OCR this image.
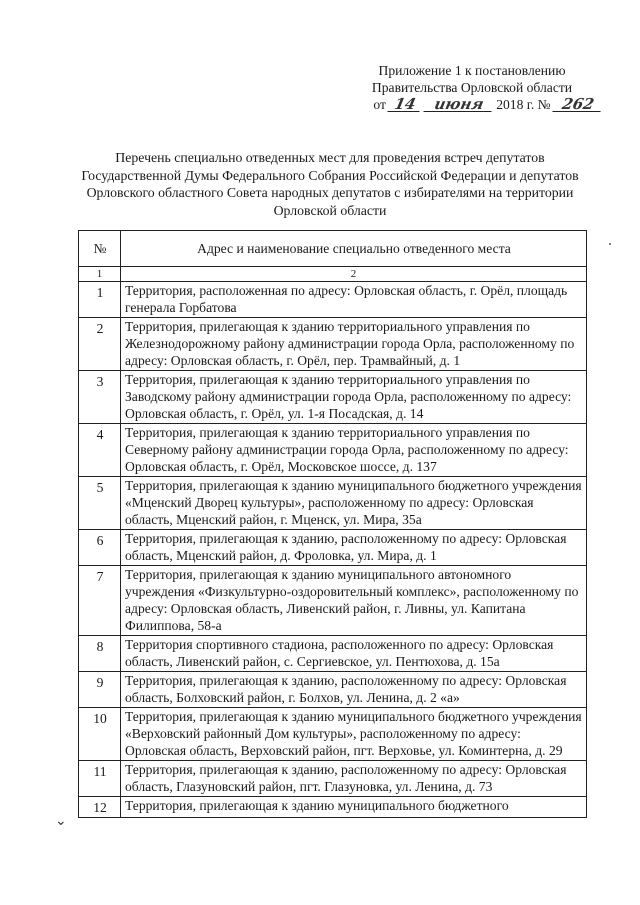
Приложение 1 к постановлению
Правительства Орловской области
от 14 июня 2018 г. № 262
Перечень специально отведенных мест для проведения встреч депутатов Государственной Думы Федерального Собрания Российской Федерации и депутатов Орловского областного Совета народных депутатов с избирателями на территории Орловской области
№	Адрес и наименование специально отведенного места
1	2
1	Территория, расположенная по адресу: Орловская область, г. Орёл, площадь генерала Горбатова
2	Территория, прилегающая к зданию территориального управления по Железнодорожному району администрации города Орла, расположенному по адресу: Орловская область, г. Орёл, пер. Трамвайный, д. 1
3	Территория, прилегающая к зданию территориального управления по Заводскому району администрации города Орла, расположенному по адресу: Орловская область, г. Орёл, ул. 1-я Посадская, д. 14
4	Территория, прилегающая к зданию территориального управления по Северному району администрации города Орла, расположенному по адресу: Орловская область, г. Орёл, Московское шоссе, д. 137
5	Территория, прилегающая к зданию муниципального бюджетного учреждения «Мценский Дворец культуры», расположенному по адресу: Орловская область, Мценский район, г. Мценск, ул. Мира, 35а
6	Территория, прилегающая к зданию, расположенному по адресу: Орловская область, Мценский район, д. Фроловка, ул. Мира, д. 1
7	Территория, прилегающая к зданию муниципального автономного учреждения «Физкультурно-оздоровительный комплекс», расположенному по адресу: Орловская область, Ливенский район, г. Ливны, ул. Капитана Филиппова, 58-а
8	Территория спортивного стадиона, расположенного по адресу: Орловская область, Ливенский район, с. Сергиевское, ул. Пентюхова, д. 15а
9	Территория, прилегающая к зданию, расположенному по адресу: Орловская область, Болховский район, г. Болхов, ул. Ленина, д. 2 «а»
10	Территория, прилегающая к зданию муниципального бюджетного учреждения «Верховский районный Дом культуры», расположенному по адресу: Орловская область, Верховский район, пгт. Верховье, ул. Коминтерна, д. 29
11	Территория, прилегающая к зданию, расположенному по адресу: Орловская область, Глазуновский район, пгт. Глазуновка, ул. Ленина, д. 73
12	Территория, прилегающая к зданию муниципального бюджетного
⌄
